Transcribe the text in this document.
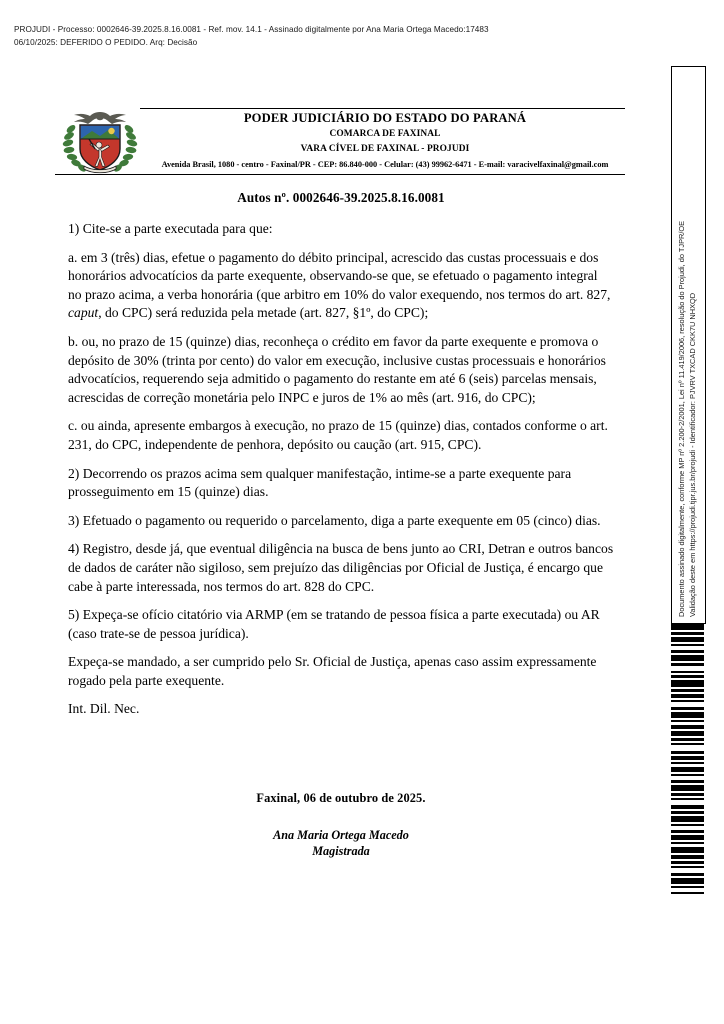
PROJUDI - Processo: 0002646-39.2025.8.16.0081 - Ref. mov. 14.1 - Assinado digitalmente por Ana Maria Ortega Macedo:17483
06/10/2025: DEFERIDO O PEDIDO. Arq: Decisão
PODER JUDICIÁRIO DO ESTADO DO PARANÁ
COMARCA DE FAXINAL
VARA CÍVEL DE FAXINAL - PROJUDI
Avenida Brasil, 1080 - centro - Faxinal/PR - CEP: 86.840-000 - Celular: (43) 99962-6471 - E-mail: varacivelfaxinal@gmail.com
Autos nº. 0002646-39.2025.8.16.0081

1) Cite-se a parte executada para que:

a. em 3 (três) dias, efetue o pagamento do débito principal, acrescido das custas processuais e dos honorários advocatícios da parte exequente, observando-se que, se efetuado o pagamento integral no prazo acima, a verba honorária (que arbitro em 10% do valor exequendo, nos termos do art. 827, caput, do CPC) será reduzida pela metade (art. 827, §1º, do CPC);

b. ou, no prazo de 15 (quinze) dias, reconheça o crédito em favor da parte exequente e promova o depósito de 30% (trinta por cento) do valor em execução, inclusive custas processuais e honorários advocatícios, requerendo seja admitido o pagamento do restante em até 6 (seis) parcelas mensais, acrescidas de correção monetária pelo INPC e juros de 1% ao mês (art. 916, do CPC);

c. ou ainda, apresente embargos à execução, no prazo de 15 (quinze) dias, contados conforme o art. 231, do CPC, independente de penhora, depósito ou caução (art. 915, CPC).

2) Decorrendo os prazos acima sem qualquer manifestação, intime-se a parte exequente para prosseguimento em 15 (quinze) dias.

3) Efetuado o pagamento ou requerido o parcelamento, diga a parte exequente em 05 (cinco) dias.

4) Registro, desde já, que eventual diligência na busca de bens junto ao CRI, Detran e outros bancos de dados de caráter não sigiloso, sem prejuízo das diligências por Oficial de Justiça, é encargo que cabe à parte interessada, nos termos do art. 828 do CPC.

5) Expeça-se ofício citatório via ARMP (em se tratando de pessoa física a parte executada) ou AR (caso trate-se de pessoa jurídica).

Expeça-se mandado, a ser cumprido pelo Sr. Oficial de Justiça, apenas caso assim expressamente rogado pela parte exequente.

Int. Dil. Nec.

Faxinal, 06 de outubro de 2025.
Ana Maria Ortega Macedo
Magistrada
Documento assinado digitalmente, conforme MP nº 2.200-2/2001, Lei nº 11.419/2006, resolução do Projudi, do TJPR/OE Validação deste em https://projudi.tjpr.jus.br/projudi - Identificador: PJVRV TXCAD CKK7U NHXQD
